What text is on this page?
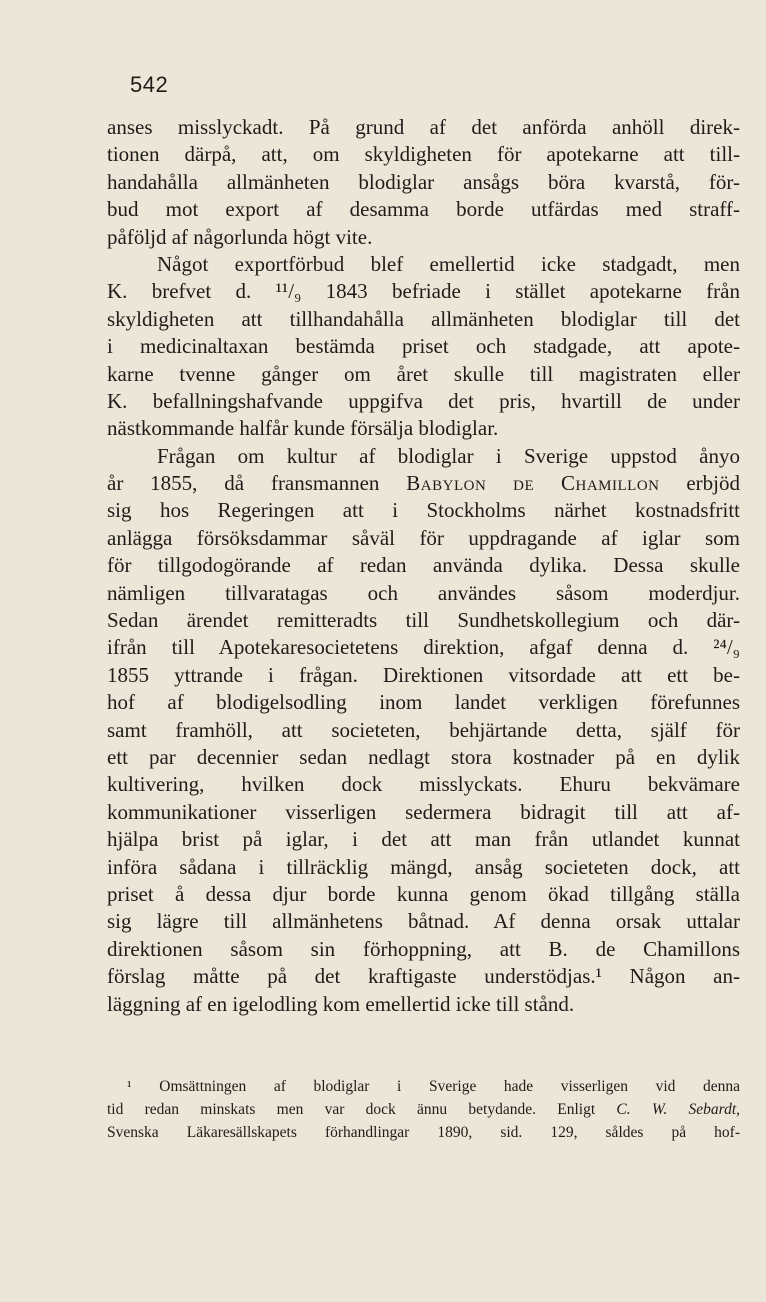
542
anses misslyckadt. På grund af det anförda anhöll direk-
tionen därpå, att, om skyldigheten för apotekarne att till-
handahålla allmänheten blodiglar ansågs böra kvarstå, för-
bud mot export af desamma borde utfärdas med straff-
påföljd af någorlunda högt vite.
Något exportförbud blef emellertid icke stadgadt, men
K. brefvet d. ¹¹/₉ 1843 befriade i stället apotekarne från
skyldigheten att tillhandahålla allmänheten blodiglar till det
i medicinaltaxan bestämda priset och stadgade, att apote-
karne tvenne gånger om året skulle till magistraten eller
K. befallningshafvande uppgifva det pris, hvartill de under
nästkommande halfår kunde försälja blodiglar.
Frågan om kultur af blodiglar i Sverige uppstod ånyo
år 1855, då fransmannen Babylon de Chamillon erbjöd
sig hos Regeringen att i Stockholms närhet kostnadsfritt
anlägga försöksdammar såväl för uppdragande af iglar som
för tillgodogörande af redan använda dylika. Dessa skulle
nämligen tillvaratagas och användes såsom moderdjur.
Sedan ärendet remitteradts till Sundhetskollegium och där-
ifrån till Apotekaresocietetens direktion, afgaf denna d. ²⁴/₉
1855 yttrande i frågan. Direktionen vitsordade att ett be-
hof af blodigelsodling inom landet verkligen förefunnes
samt framhöll, att societeten, behjärtande detta, själf för
ett par decennier sedan nedlagt stora kostnader på en dylik
kultivering, hvilken dock misslyckats. Ehuru bekvämare
kommunikationer visserligen sedermera bidragit till att af-
hjälpa brist på iglar, i det att man från utlandet kunnat
införa sådana i tillräcklig mängd, ansåg societeten dock, att
priset å dessa djur borde kunna genom ökad tillgång ställa
sig lägre till allmänhetens båtnad. Af denna orsak uttalar
direktionen såsom sin förhoppning, att B. de Chamillons
förslag måtte på det kraftigaste understödjas.¹ Någon an-
läggning af en igelodling kom emellertid icke till stånd.
¹ Omsättningen af blodiglar i Sverige hade visserligen vid denna
tid redan minskats men var dock ännu betydande. Enligt C. W. Sebardt,
Svenska Läkaresällskapets förhandlingar 1890, sid. 129, såldes på hof-
